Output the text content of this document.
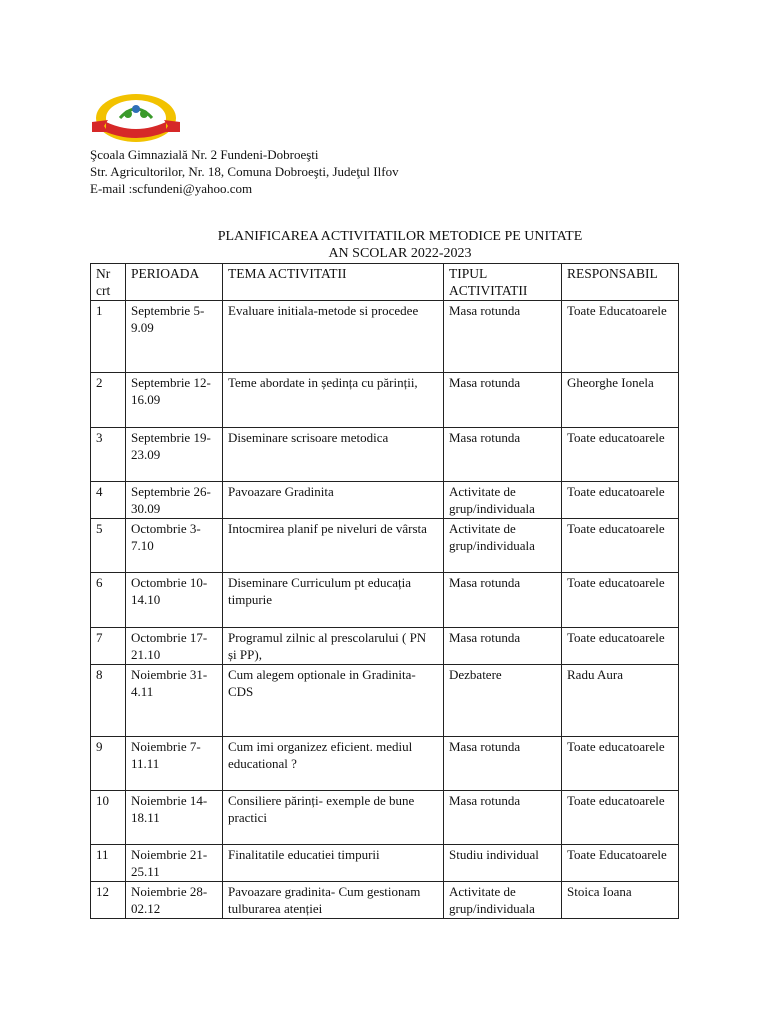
Şcoala Gimnazială Nr. 2 Fundeni-Dobroeşti
Str. Agricultorilor, Nr. 18, Comuna Dobroeşti, Judeţul Ilfov
E-mail :scfundeni@yahoo.com
PLANIFICAREA ACTIVITATILOR METODICE PE UNITATE
AN SCOLAR 2022-2023
Nr crt	PERIOADA	TEMA ACTIVITATII	TIPUL ACTIVITATII	RESPONSABIL
1	Septembrie 5-9.09	Evaluare initiala-metode si procedee	Masa rotunda	Toate Educatoarele
2	Septembrie 12-16.09	Teme abordate in ședința cu părinții,	Masa rotunda	Gheorghe Ionela
3	Septembrie 19-23.09	Diseminare scrisoare metodica	Masa rotunda	Toate educatoarele
4	Septembrie 26-30.09	Pavoazare Gradinita	Activitate de grup/individuala	Toate educatoarele
5	Octombrie 3-7.10	Intocmirea planif pe niveluri de vârsta	Activitate de grup/individuala	Toate educatoarele
6	Octombrie 10-14.10	Diseminare Curriculum pt educația timpurie	Masa rotunda	Toate educatoarele
7	Octombrie 17-21.10	Programul zilnic al prescolarului ( PN și PP),	Masa rotunda	Toate educatoarele
8	Noiembrie 31-4.11	Cum alegem optionale in Gradinita- CDS	Dezbatere	Radu Aura
9	Noiembrie 7-11.11	Cum imi organizez eficient. mediul educational ?	Masa rotunda	Toate educatoarele
10	Noiembrie 14-18.11	Consiliere părinți- exemple de bune practici	Masa rotunda	Toate educatoarele
11	Noiembrie 21-25.11	Finalitatile educatiei timpurii	Studiu individual	Toate Educatoarele
12	Noiembrie 28-02.12	Pavoazare gradinita- Cum gestionam tulburarea atenției	Activitate de grup/individuala	Stoica Ioana
